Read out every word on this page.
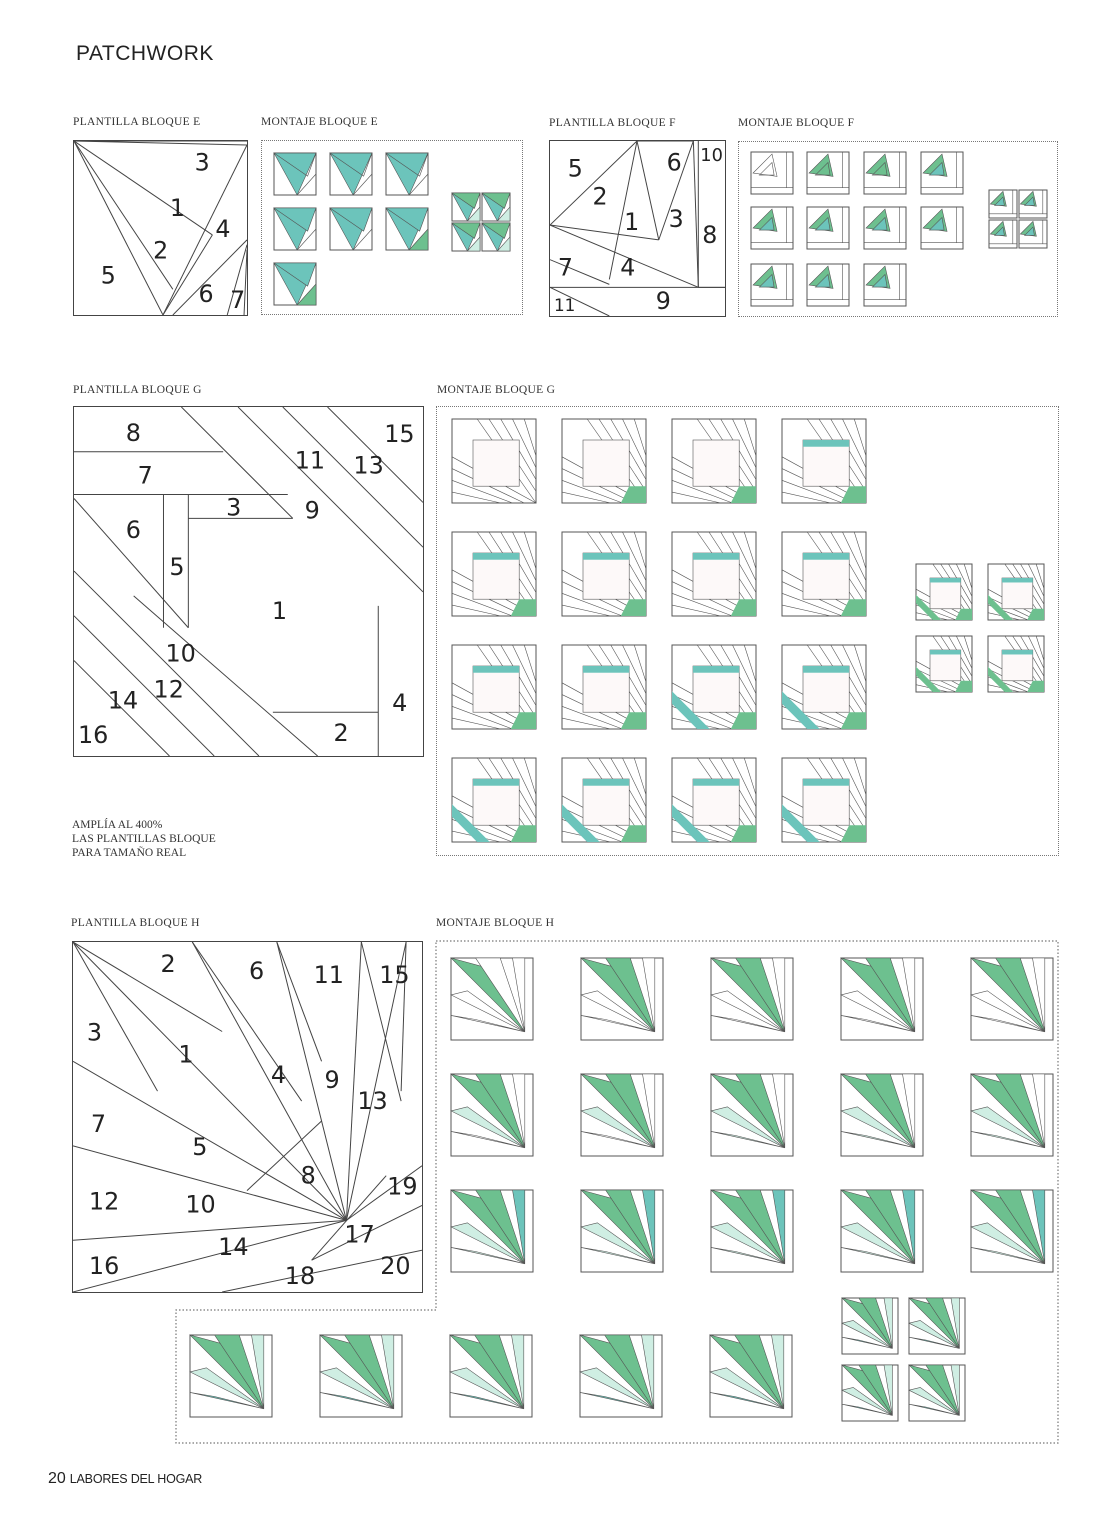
PATCHWORK
PLANTILLA BLOQUE E	MONTAJE BLOQUE E	PLANTILLA BLOQUE F	MONTAJE BLOQUE F
3
1
4
2
5
6 7
5	6 10
2
1 3
8
7 4
11	9
PLANTILLA BLOQUE G	MONTAJE BLOQUE G
8	15
11 13
7
3	9
6
5
1
10
12
14	4
16	2
AMPLÍA AL 400%
LAS PLANTILLAS BLOQUE
PARA TAMAÑO REAL
PLANTILLA BLOQUE H	MONTAJE BLOQUE H
2	6 11 15
3
1
4 9
13
7
5
8	19
12	10
17
14
16	18	20
20 LABORES DEL HOGAR
